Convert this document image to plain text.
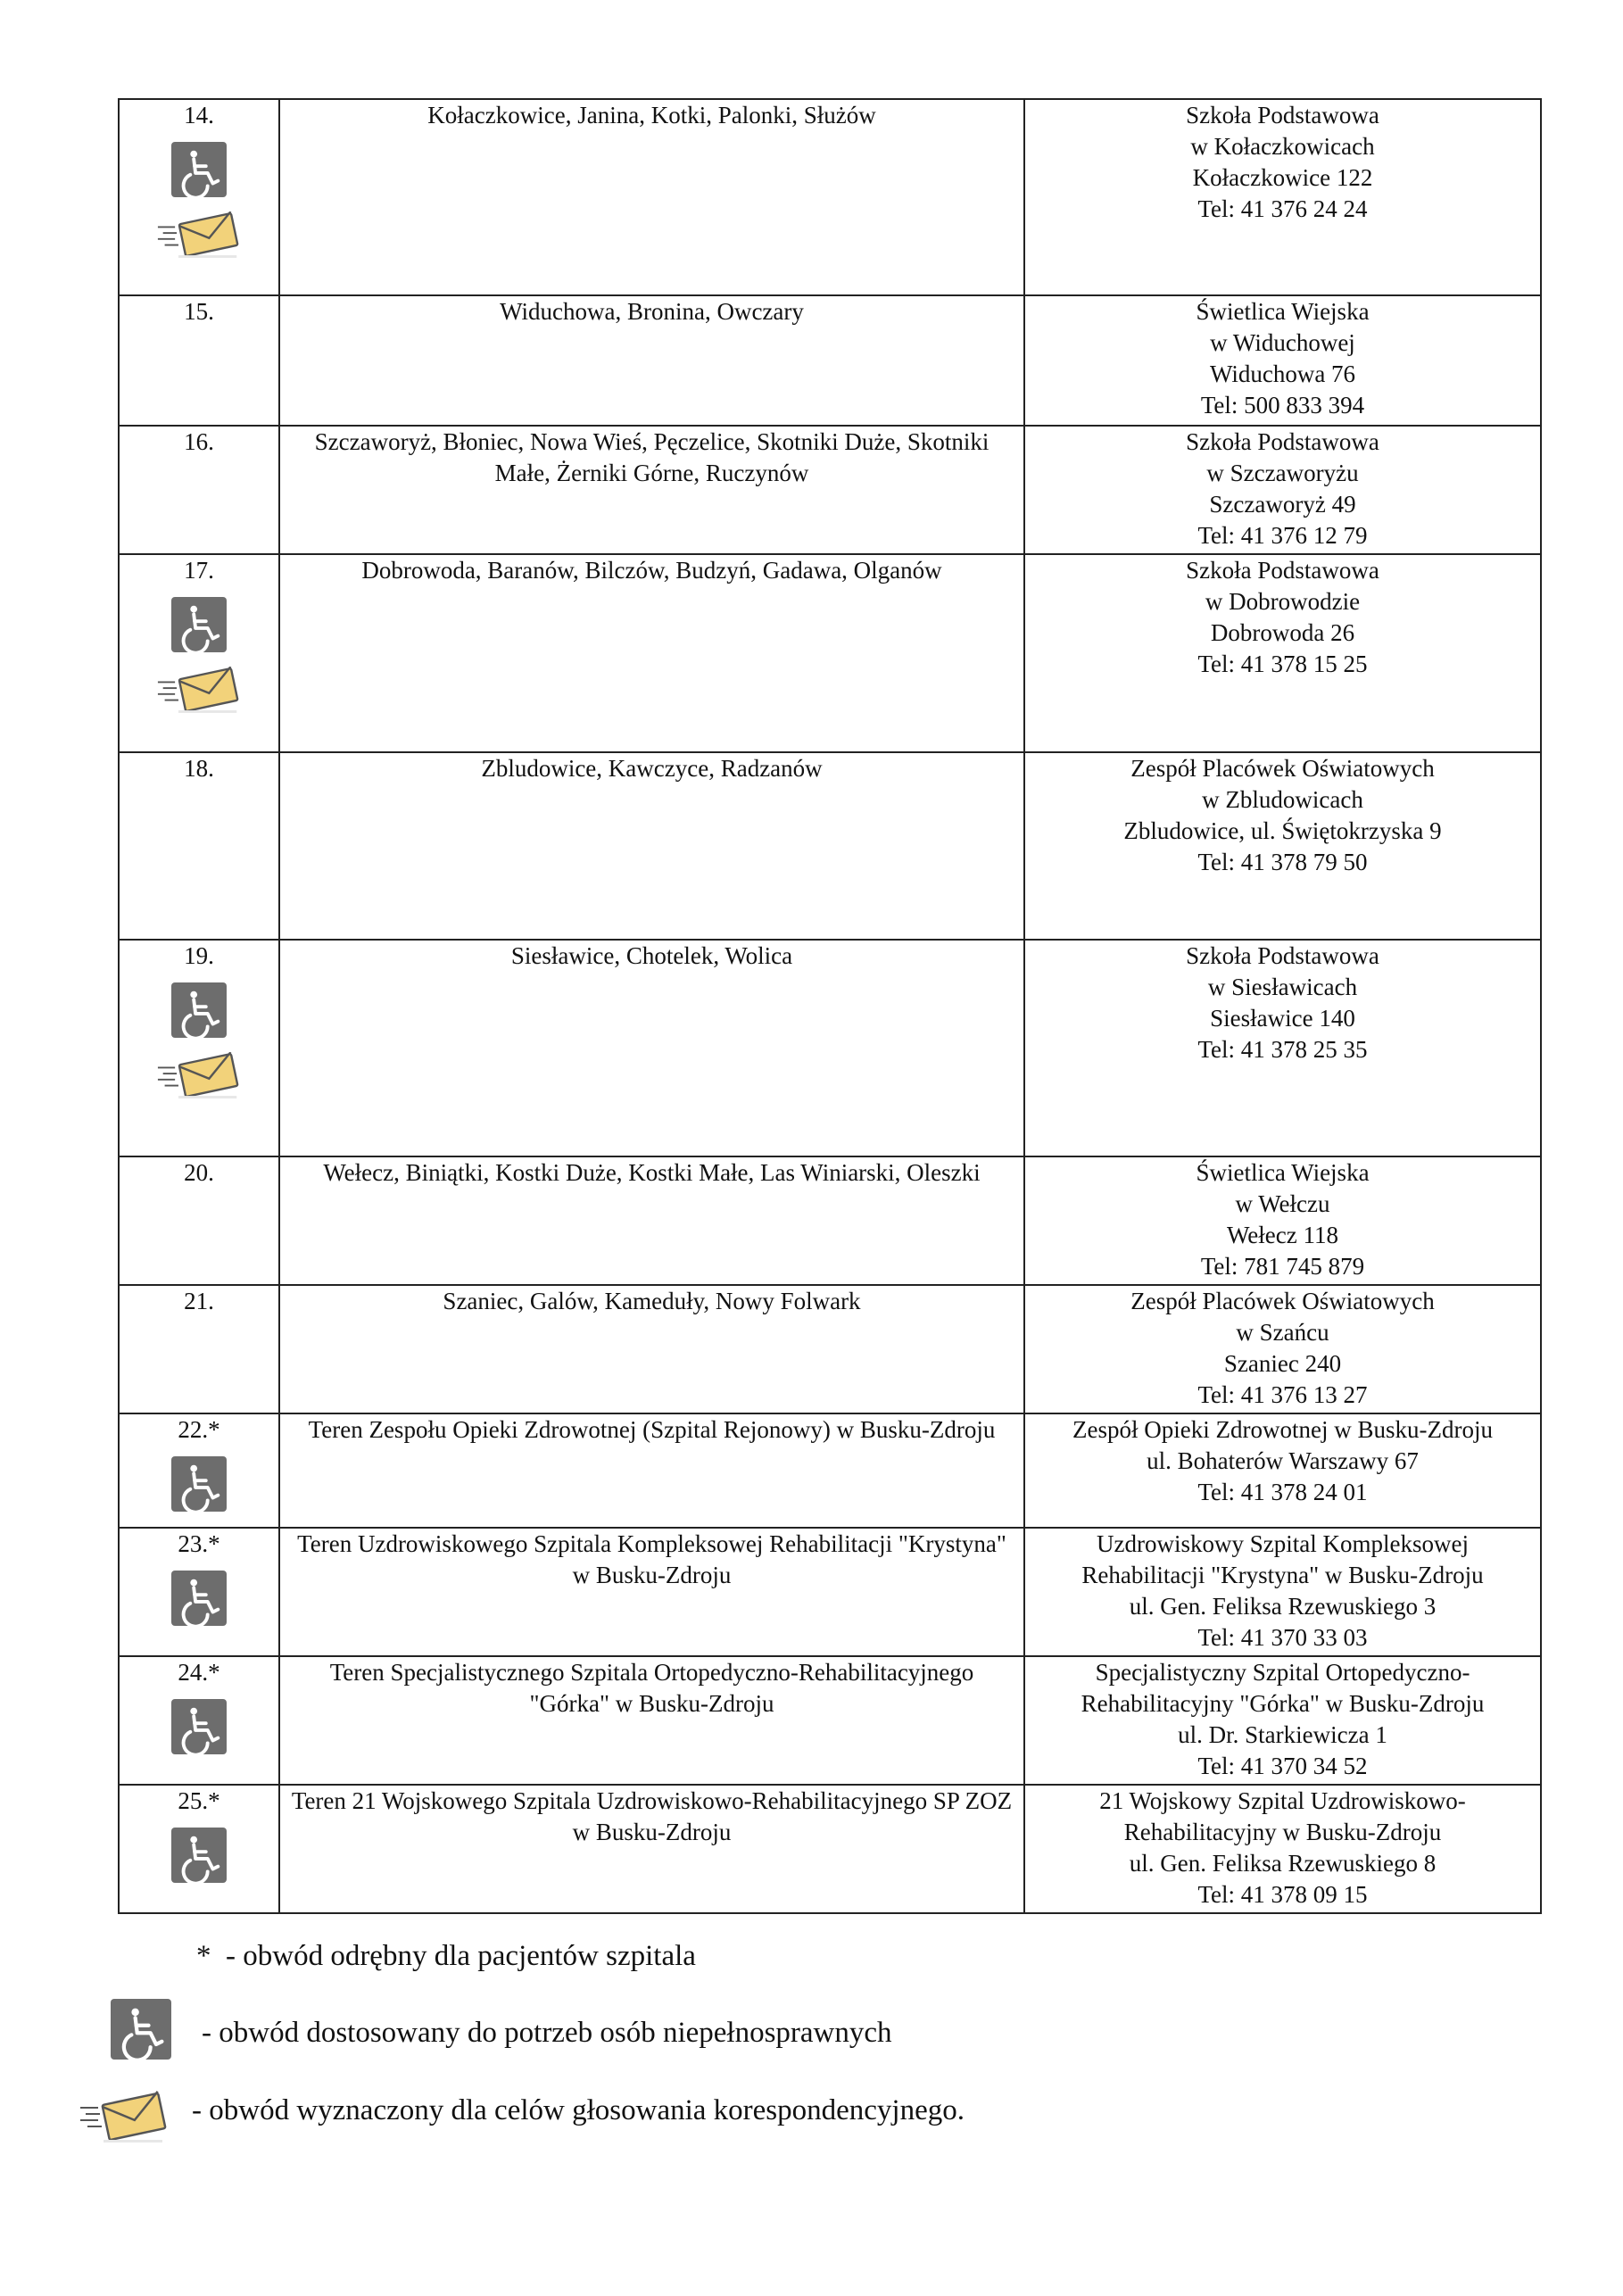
14.	Kołaczkowice, Janina, Kotki, Palonki, Służów	Szkoła Podstawowa
w Kołaczkowicach
Kołaczkowice 122
Tel: 41 376 24 24

15.	Widuchowa, Bronina, Owczary	Świetlica Wiejska
w Widuchowej
Widuchowa 76
Tel: 500 833 394

16.	Szczaworyż, Błoniec, Nowa Wieś, Pęczelice, Skotniki Duże, Skotniki Małe, Żerniki Górne, Ruczynów	Szkoła Podstawowa
w Szczaworyżu
Szczaworyż 49
Tel: 41 376 12 79

17.	Dobrowoda, Baranów, Bilczów, Budzyń, Gadawa, Olganów	Szkoła Podstawowa
w Dobrowodzie
Dobrowoda 26
Tel: 41 378 15 25

18.	Zbludowice, Kawczyce, Radzanów	Zespół Placówek Oświatowych
w Zbludowicach
Zbludowice, ul. Świętokrzyska 9
Tel: 41 378 79 50

19.	Siesławice, Chotelek, Wolica	Szkoła Podstawowa
w Siesławicach
Siesławice 140
Tel: 41 378 25 35

20.	Wełecz, Biniątki, Kostki Duże, Kostki Małe, Las Winiarski, Oleszki	Świetlica Wiejska
w Wełczu
Wełecz 118
Tel: 781 745 879

21.	Szaniec, Galów, Kameduły, Nowy Folwark	Zespół Placówek Oświatowych
w Szańcu
Szaniec 240
Tel: 41 376 13 27

22.*	Teren Zespołu Opieki Zdrowotnej (Szpital Rejonowy) w Busku-Zdroju	Zespół Opieki Zdrowotnej w Busku-Zdroju
ul. Bohaterów Warszawy 67
Tel: 41 378 24 01

23.*	Teren Uzdrowiskowego Szpitala Kompleksowej Rehabilitacji "Krystyna" w Busku-Zdroju	Uzdrowiskowy Szpital Kompleksowej
Rehabilitacji "Krystyna" w Busku-Zdroju
ul. Gen. Feliksa Rzewuskiego 3
Tel: 41 370 33 03

24.*	Teren Specjalistycznego Szpitala Ortopedyczno-Rehabilitacyjnego "Górka" w Busku-Zdroju	Specjalistyczny Szpital Ortopedyczno-
Rehabilitacyjny "Górka" w Busku-Zdroju
ul. Dr. Starkiewicza 1
Tel: 41 370 34 52

25.*	Teren 21 Wojskowego Szpitala Uzdrowiskowo-Rehabilitacyjnego SP ZOZ w Busku-Zdroju	21 Wojskowy Szpital Uzdrowiskowo-
Rehabilitacyjny w Busku-Zdroju
ul. Gen. Feliksa Rzewuskiego 8
Tel: 41 378 09 15
* - obwód odrębny dla pacjentów szpitala
- obwód dostosowany do potrzeb osób niepełnosprawnych
- obwód wyznaczony dla celów głosowania korespondencyjnego.
